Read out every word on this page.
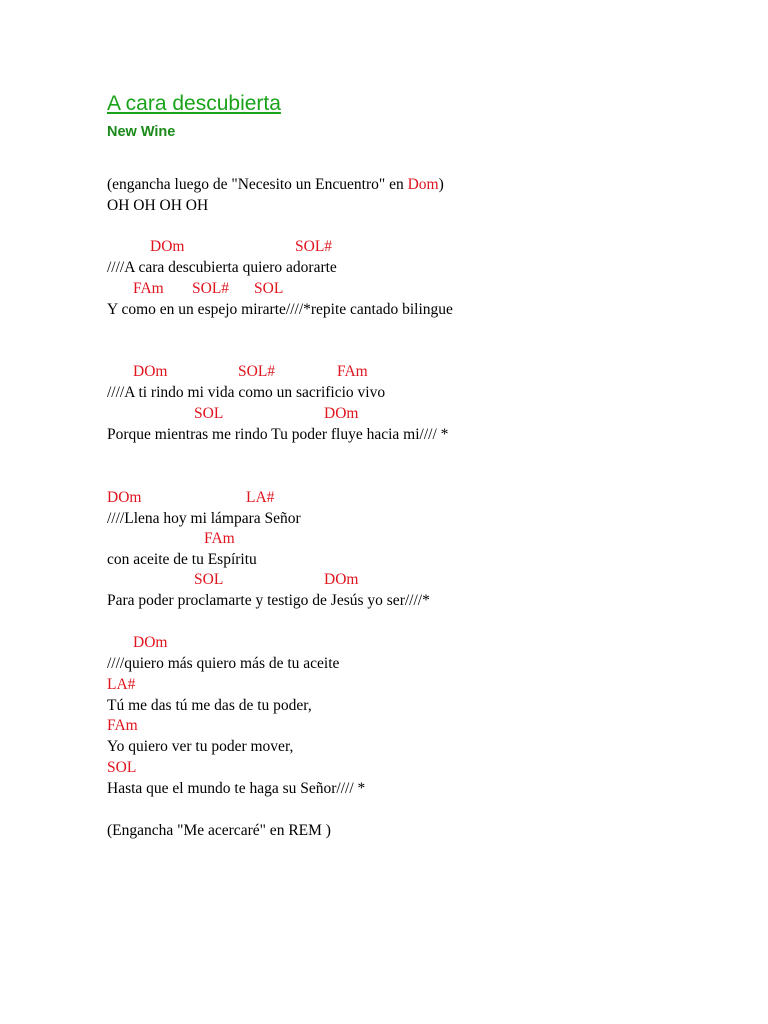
A cara descubierta
New Wine
(engancha luego de "Necesito un Encuentro" en Dom)
OH OH OH OH
DOm	SOL#
////A cara descubierta quiero adorarte
FAm SOL# SOL
Y como en un espejo mirarte////*repite cantado bilingue
DOm	SOL#	FAm
////A ti rindo mi vida como un sacrificio vivo
SOL	DOm
Porque mientras me rindo Tu poder fluye hacia mi//// *
DOm	LA#
////Llena hoy mi lámpara Señor
FAm
con aceite de tu Espíritu
SOL	DOm
Para poder proclamarte y testigo de Jesús yo ser////*
DOm
////quiero más quiero más de tu aceite
LA#
Tú me das tú me das de tu poder,
FAm
Yo quiero ver tu poder mover,
SOL
Hasta que el mundo te haga su Señor//// *
(Engancha "Me acercaré" en REM )
